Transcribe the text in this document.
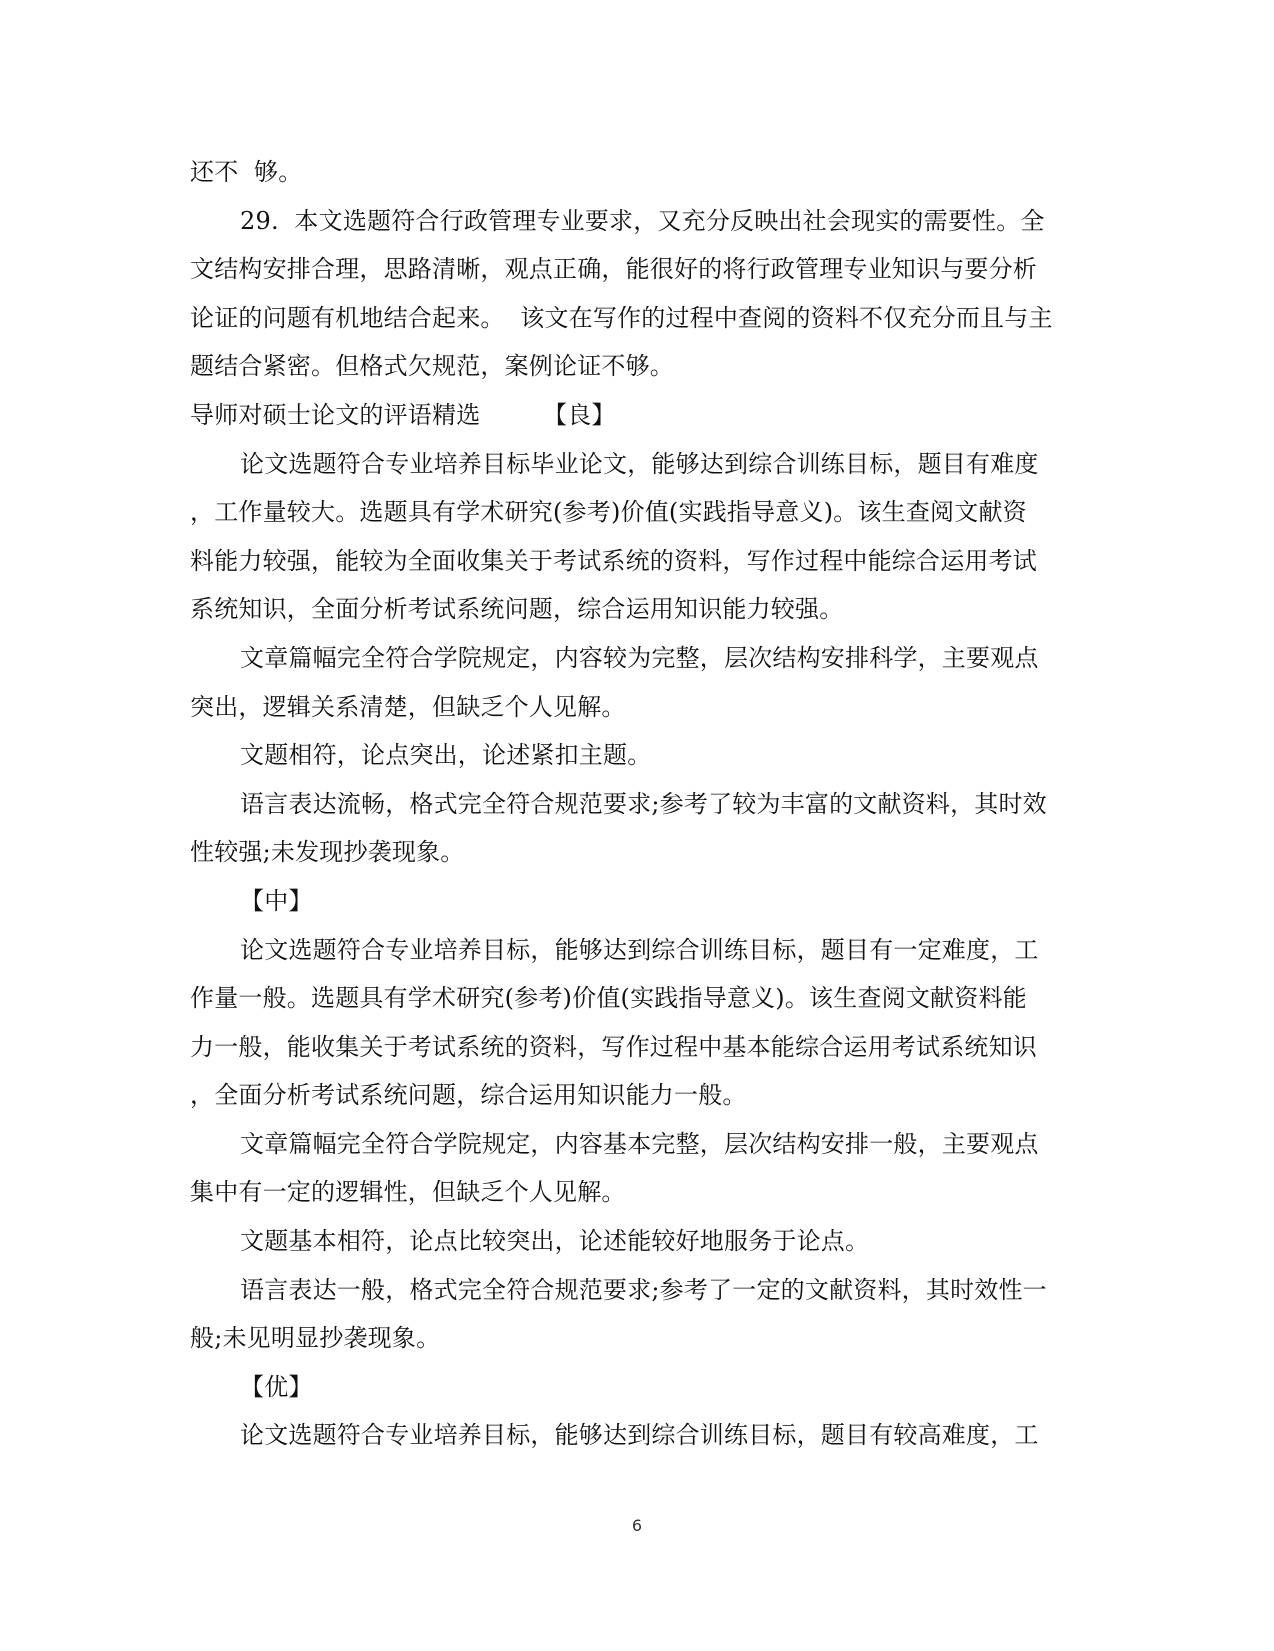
还不  够。
29.  本文选题符合行政管理专业要求，又充分反映出社会现实的需要性。全
文结构安排合理，思路清晰，观点正确，能很好的将行政管理专业知识与要分析
论证的问题有机地结合起来。  该文在写作的过程中查阅的资料不仅充分而且与主
题结合紧密。但格式欠规范，案例论证不够。
导师对硕士论文的评语精选        【良】
论文选题符合专业培养目标毕业论文，能够达到综合训练目标，题目有难度
，工作量较大。选题具有学术研究(参考)价值(实践指导意义)。该生查阅文献资
料能力较强，能较为全面收集关于考试系统的资料，写作过程中能综合运用考试
系统知识，全面分析考试系统问题，综合运用知识能力较强。
文章篇幅完全符合学院规定，内容较为完整，层次结构安排科学，主要观点
突出，逻辑关系清楚，但缺乏个人见解。
文题相符，论点突出，论述紧扣主题。
语言表达流畅，格式完全符合规范要求;参考了较为丰富的文献资料，其时效
性较强;未发现抄袭现象。
【中】
论文选题符合专业培养目标，能够达到综合训练目标，题目有一定难度，工
作量一般。选题具有学术研究(参考)价值(实践指导意义)。该生查阅文献资料能
力一般，能收集关于考试系统的资料，写作过程中基本能综合运用考试系统知识
，全面分析考试系统问题，综合运用知识能力一般。
文章篇幅完全符合学院规定，内容基本完整，层次结构安排一般，主要观点
集中有一定的逻辑性，但缺乏个人见解。
文题基本相符，论点比较突出，论述能较好地服务于论点。
语言表达一般，格式完全符合规范要求;参考了一定的文献资料，其时效性一
般;未见明显抄袭现象。
【优】
论文选题符合专业培养目标，能够达到综合训练目标，题目有较高难度，工
6
